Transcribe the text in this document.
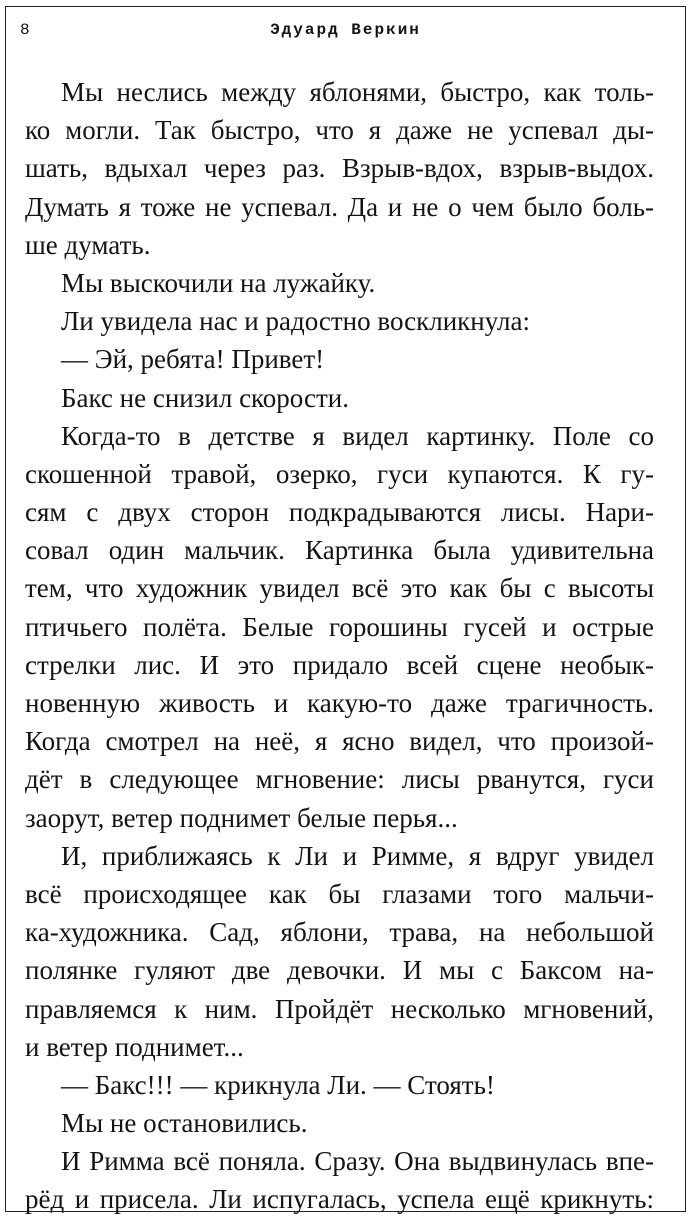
8	Эдуард Веркин
Мы неслись между яблонями, быстро, как толь-
ко могли. Так быстро, что я даже не успевал ды-
шать, вдыхал через раз. Взрыв-вдох, взрыв-выдох.
Думать я тоже не успевал. Да и не о чем было боль-
ше думать.
Мы выскочили на лужайку.
Ли увидела нас и радостно воскликнула:
— Эй, ребята! Привет!
Бакс не снизил скорости.
Когда-то в детстве я видел картинку. Поле со
скошенной травой, озерко, гуси купаются. К гу-
сям с двух сторон подкрадываются лисы. Нари-
совал один мальчик. Картинка была удивительна
тем, что художник увидел всё это как бы с высоты
птичьего полёта. Белые горошины гусей и острые
стрелки лис. И это придало всей сцене необык-
новенную живость и какую-то даже трагичность.
Когда смотрел на неё, я ясно видел, что произой-
дёт в следующее мгновение: лисы рванутся, гуси
заорут, ветер поднимет белые перья...
И, приближаясь к Ли и Римме, я вдруг увидел
всё происходящее как бы глазами того мальчи-
ка-художника. Сад, яблони, трава, на небольшой
полянке гуляют две девочки. И мы с Баксом на-
правляемся к ним. Пройдёт несколько мгновений,
и ветер поднимет...
— Бакс!!! — крикнула Ли. — Стоять!
Мы не остановились.
И Римма всё поняла. Сразу. Она выдвинулась впе-
рёд и присела. Ли испугалась, успела ещё крикнуть:
